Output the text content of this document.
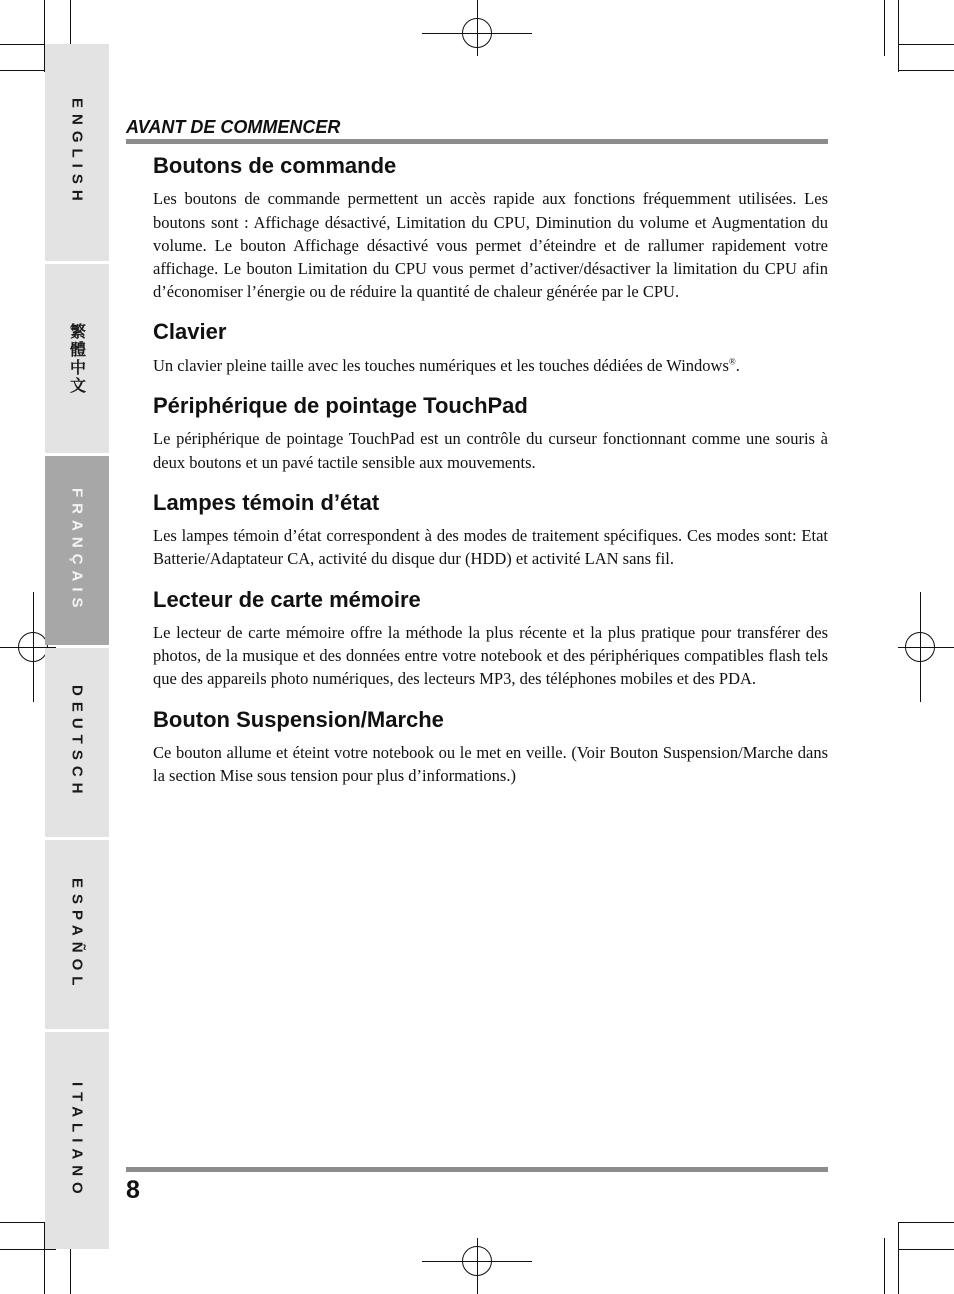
ENGLISH
繁體中文
FRANÇAIS
DEUTSCH
ESPAÑOL
ITALIANO
AVANT DE COMMENCER
Boutons de commande

Les boutons de commande permettent un accès rapide aux fonctions fréquemment utilisées. Les boutons sont : Affichage désactivé, Limitation du CPU, Diminution du volume et Augmentation du volume. Le bouton Affichage désactivé vous permet d’éteindre et de rallumer rapidement votre affichage. Le bouton Limitation du CPU vous permet d’activer/désactiver la limitation du CPU afin d’économiser l’énergie ou de réduire la quantité de chaleur générée par le CPU.

Clavier

Un clavier pleine taille avec les touches numériques et les touches dédiées de Windows®.

Périphérique de pointage TouchPad

Le périphérique de pointage TouchPad est un contrôle du curseur fonctionnant comme une souris à deux boutons et un pavé tactile sensible aux mouvements.

Lampes témoin d’état

Les lampes témoin d’état correspondent à des modes de traitement spécifiques. Ces modes sont: Etat Batterie/Adaptateur CA, activité du disque dur (HDD) et activité LAN sans fil.

Lecteur de carte mémoire

Le lecteur de carte mémoire offre la méthode la plus récente et la plus pratique pour transférer des photos, de la musique et des données entre votre notebook et des périphériques compatibles flash tels que des appareils photo numériques, des lecteurs MP3, des téléphones mobiles et des PDA.

Bouton Suspension/Marche

Ce bouton allume et éteint votre notebook ou le met en veille. (Voir Bouton Suspension/Marche dans la section Mise sous tension pour plus d’informations.)

8
